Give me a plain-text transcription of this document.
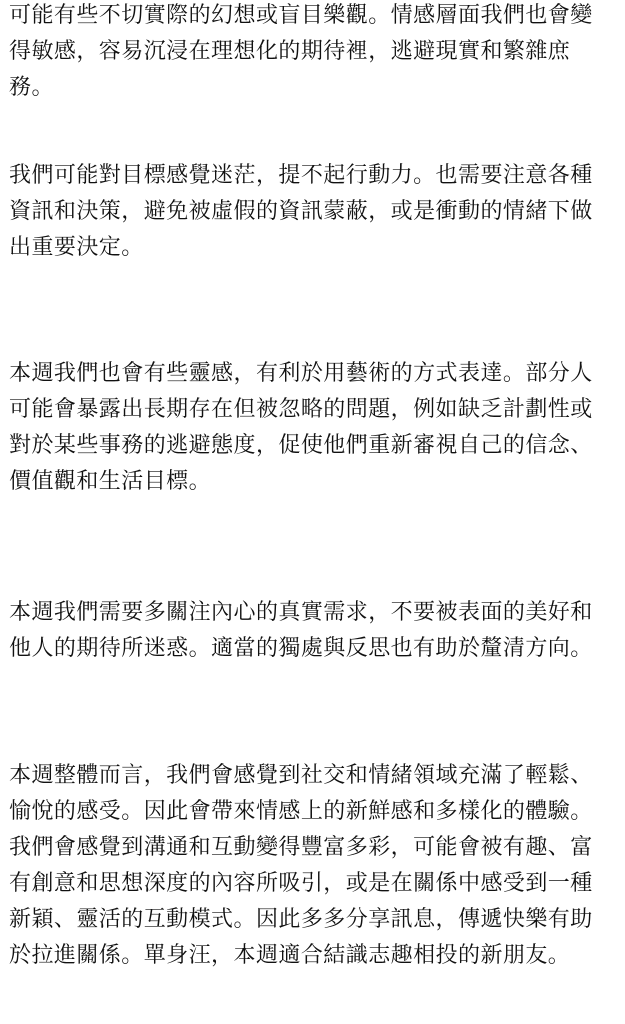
可能有些不切實際的幻想或盲目樂觀。情感層面我們也會變
得敏感，容易沉浸在理想化的期待裡，逃避現實和繁雜庶
務。
我們可能對目標感覺迷茫，提不起行動力。也需要注意各種
資訊和決策，避免被虛假的資訊蒙蔽，或是衝動的情緒下做
出重要決定。
本週我們也會有些靈感，有利於用藝術的方式表達。部分人
可能會暴露出長期存在但被忽略的問題，例如缺乏計劃性或
對於某些事務的逃避態度，促使他們重新審視自己的信念、
價值觀和生活目標。
本週我們需要多關注內心的真實需求，不要被表面的美好和
他人的期待所迷惑。適當的獨處與反思也有助於釐清方向。
本週整體而言，我們會感覺到社交和情緒領域充滿了輕鬆、
愉悅的感受。因此會帶來情感上的新鮮感和多樣化的體驗。
我們會感覺到溝通和互動變得豐富多彩，可能會被有趣、富
有創意和思想深度的內容所吸引，或是在關係中感受到一種
新穎、靈活的互動模式。因此多多分享訊息，傳遞快樂有助
於拉進關係。單身汪，本週適合結識志趣相投的新朋友。
